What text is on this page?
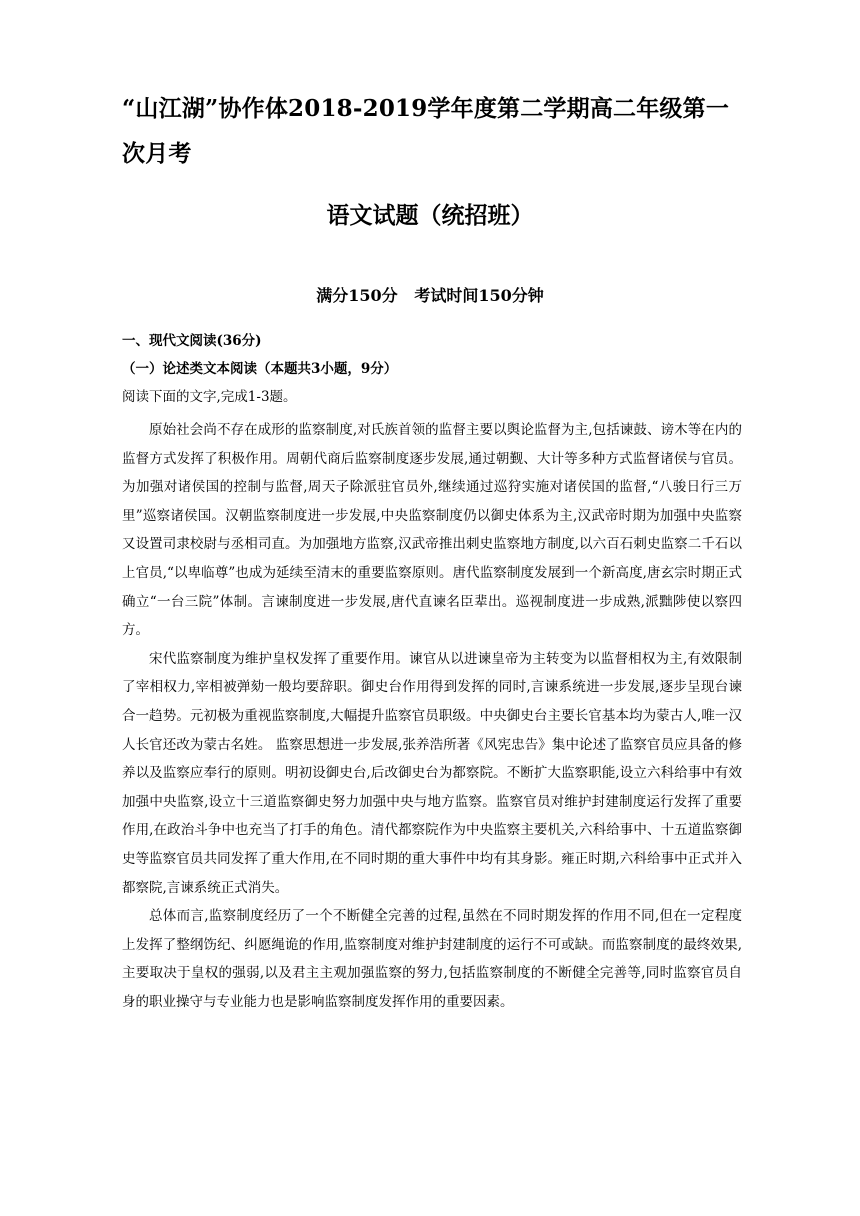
“山江湖”协作体2018-2019学年度第二学期高二年级第一次月考
语文试题（统招班）
满分150分   考试时间150分钟
一、现代文阅读(36分)
（一）论述类文本阅读（本题共3小题，9分）
阅读下面的文字,完成1-3题。

原始社会尚不存在成形的监察制度,对氏族首领的监督主要以舆论监督为主,包括谏鼓、谤木等在内的监督方式发挥了积极作用。周朝代商后监察制度逐步发展,通过朝觐、大计等多种方式监督诸侯与官员。为加强对诸侯国的控制与监督,周天子除派驻官员外,继续通过巡狩实施对诸侯国的监督,“八骏日行三万里”巡察诸侯国。汉朝监察制度进一步发展,中央监察制度仍以御史体系为主,汉武帝时期为加强中央监察又设置司隶校尉与丞相司直。为加强地方监察,汉武帝推出刺史监察地方制度,以六百石刺史监察二千石以上官员,“以卑临尊”也成为延续至清末的重要监察原则。唐代监察制度发展到一个新高度,唐玄宗时期正式确立“一台三院”体制。言谏制度进一步发展,唐代直谏名臣辈出。巡视制度进一步成熟,派黜陟使以察四方。

宋代监察制度为维护皇权发挥了重要作用。谏官从以进谏皇帝为主转变为以监督相权为主,有效限制了宰相权力,宰相被弹劾一般均要辞职。御史台作用得到发挥的同时,言谏系统进一步发展,逐步呈现台谏合一趋势。元初极为重视监察制度,大幅提升监察官员职级。中央御史台主要长官基本均为蒙古人,唯一汉人长官还改为蒙古名姓。 监察思想进一步发展,张养浩所著《风宪忠告》集中论述了监察官员应具备的修养以及监察应奉行的原则。明初设御史台,后改御史台为都察院。不断扩大监察职能,设立六科给事中有效加强中央监察,设立十三道监察御史努力加强中央与地方监察。监察官员对维护封建制度运行发挥了重要作用,在政治斗争中也充当了打手的角色。清代都察院作为中央监察主要机关,六科给事中、十五道监察御史等监察官员共同发挥了重大作用,在不同时期的重大事件中均有其身影。雍正时期,六科给事中正式并入都察院,言谏系统正式消失。

总体而言,监察制度经历了一个不断健全完善的过程,虽然在不同时期发挥的作用不同,但在一定程度上发挥了整纲饬纪、纠愿绳诡的作用,监察制度对维护封建制度的运行不可或缺。而监察制度的最终效果,主要取决于皇权的强弱,以及君主主观加强监察的努力,包括监察制度的不断健全完善等,同时监察官员自身的职业操守与专业能力也是影响监察制度发挥作用的重要因素。
